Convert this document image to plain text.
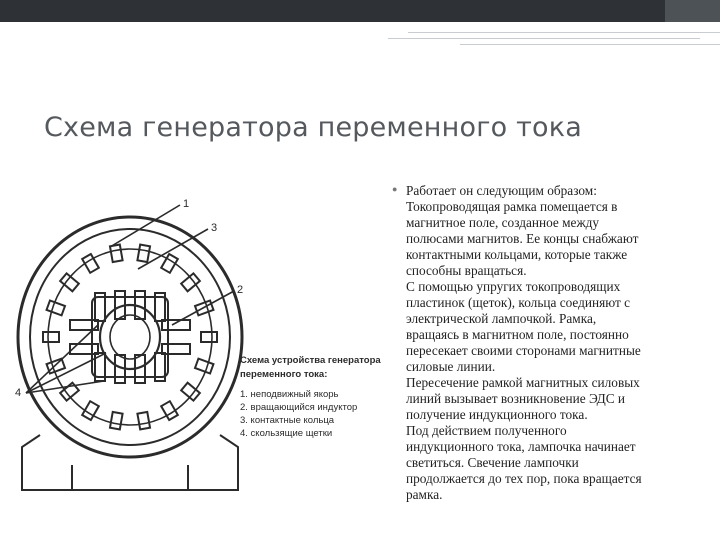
Схема генератора переменного тока
1
3
2
4
Схема устройства генератора
переменного тока:
1. неподвижный якорь
2. вращающийся индуктор
3. контактные кольца
4. скользящие щетки
● Работает он следующим образом:
Токопроводящая рамка помещается в
магнитное поле, созданное между
полюсами магнитов. Ее концы снабжают
контактными кольцами, которые также
способны вращаться.
С помощью упругих токопроводящих
пластинок (щеток), кольца соединяют с
электрической лампочкой. Рамка,
вращаясь в магнитном поле, постоянно
пересекает своими сторонами магнитные
силовые линии.
Пересечение рамкой магнитных силовых
линий вызывает возникновение ЭДС и
получение индукционного тока.
Под действием полученного
индукционного тока, лампочка начинает
светиться. Свечение лампочки
продолжается до тех пор, пока вращается
рамка.
